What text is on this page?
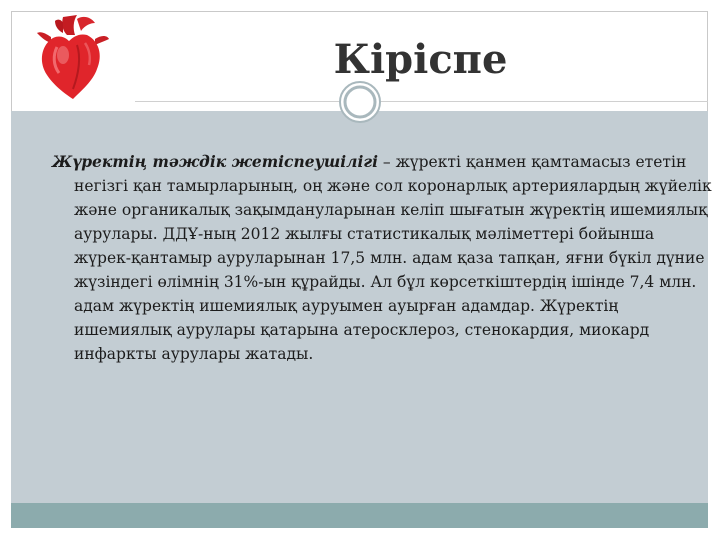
Кіріспе
Жүректің тәждік жетіспеушілігі – жүректі қанмен қамтамасыз ететін негізгі қан тамырларының, оң және сол коронарлық артериялардың жүйелік және органикалық зақымдануларынан келіп шығатын жүректің ишемиялық аурулары. ДДҰ-ның 2012 жылғы статистикалық мәліметтері бойынша жүрек-қантамыр ауруларынан 17,5 млн. адам қаза тапқан, яғни бүкіл дүние жүзіндегі өлімнің 31%-ын құрайды. Ал бұл көрсеткіштердің ішінде 7,4 млн. адам жүректің ишемиялық ауруымен ауырған адамдар. Жүректің ишемиялық аурулары қатарына атеросклероз, стенокардия, миокард инфаркты аурулары жатады.
